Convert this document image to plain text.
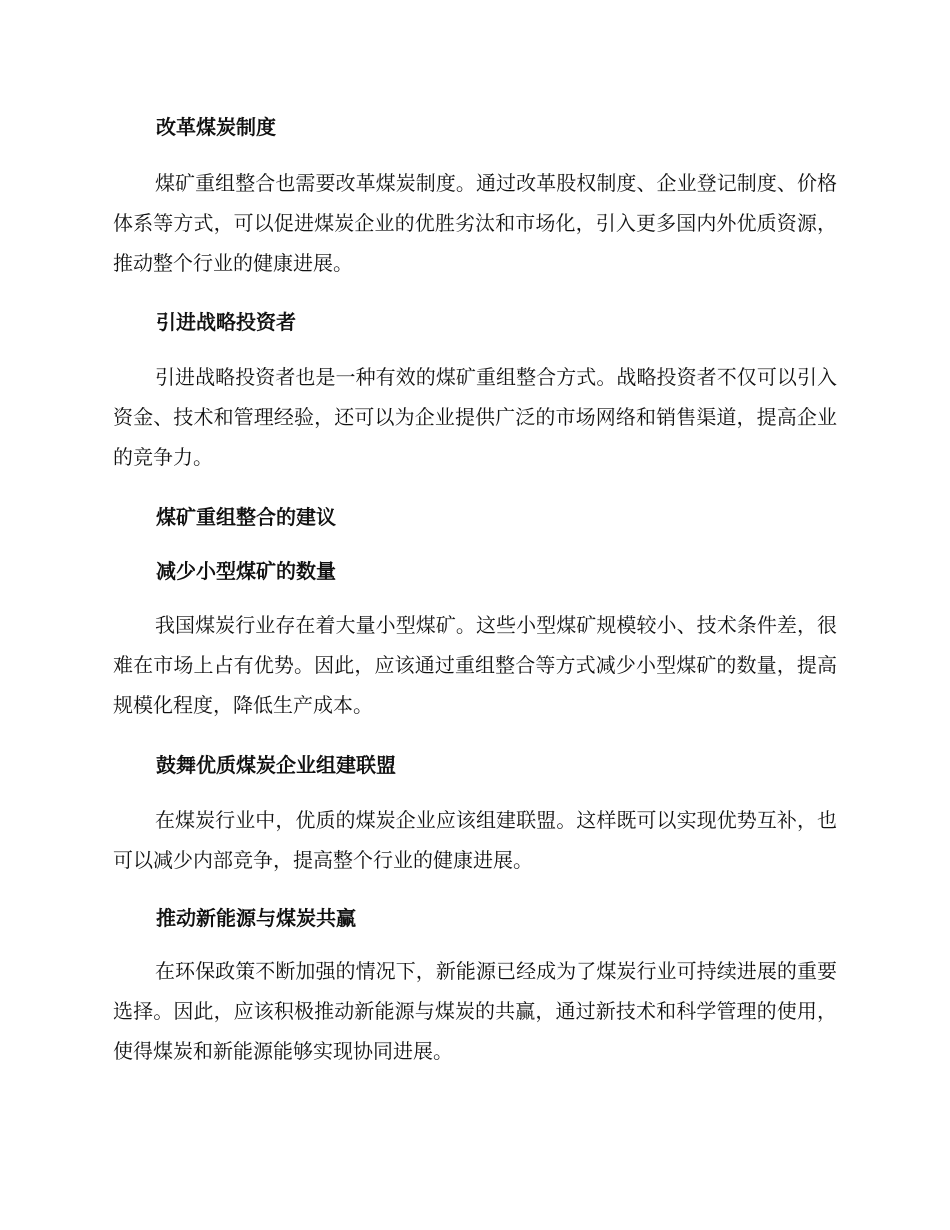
改革煤炭制度

煤矿重组整合也需要改革煤炭制度。通过改革股权制度、企业登记制度、价格体系等方式，可以促进煤炭企业的优胜劣汰和市场化，引入更多国内外优质资源，推动整个行业的健康进展。

引进战略投资者

引进战略投资者也是一种有效的煤矿重组整合方式。战略投资者不仅可以引入资金、技术和管理经验，还可以为企业提供广泛的市场网络和销售渠道，提高企业的竞争力。

煤矿重组整合的建议
减少小型煤矿的数量

我国煤炭行业存在着大量小型煤矿。这些小型煤矿规模较小、技术条件差，很难在市场上占有优势。因此，应该通过重组整合等方式减少小型煤矿的数量，提高规模化程度，降低生产成本。

鼓舞优质煤炭企业组建联盟

在煤炭行业中，优质的煤炭企业应该组建联盟。这样既可以实现优势互补，也可以减少内部竞争，提高整个行业的健康进展。

推动新能源与煤炭共赢

在环保政策不断加强的情况下，新能源已经成为了煤炭行业可持续进展的重要选择。因此，应该积极推动新能源与煤炭的共赢，通过新技术和科学管理的使用，使得煤炭和新能源能够实现协同进展。
